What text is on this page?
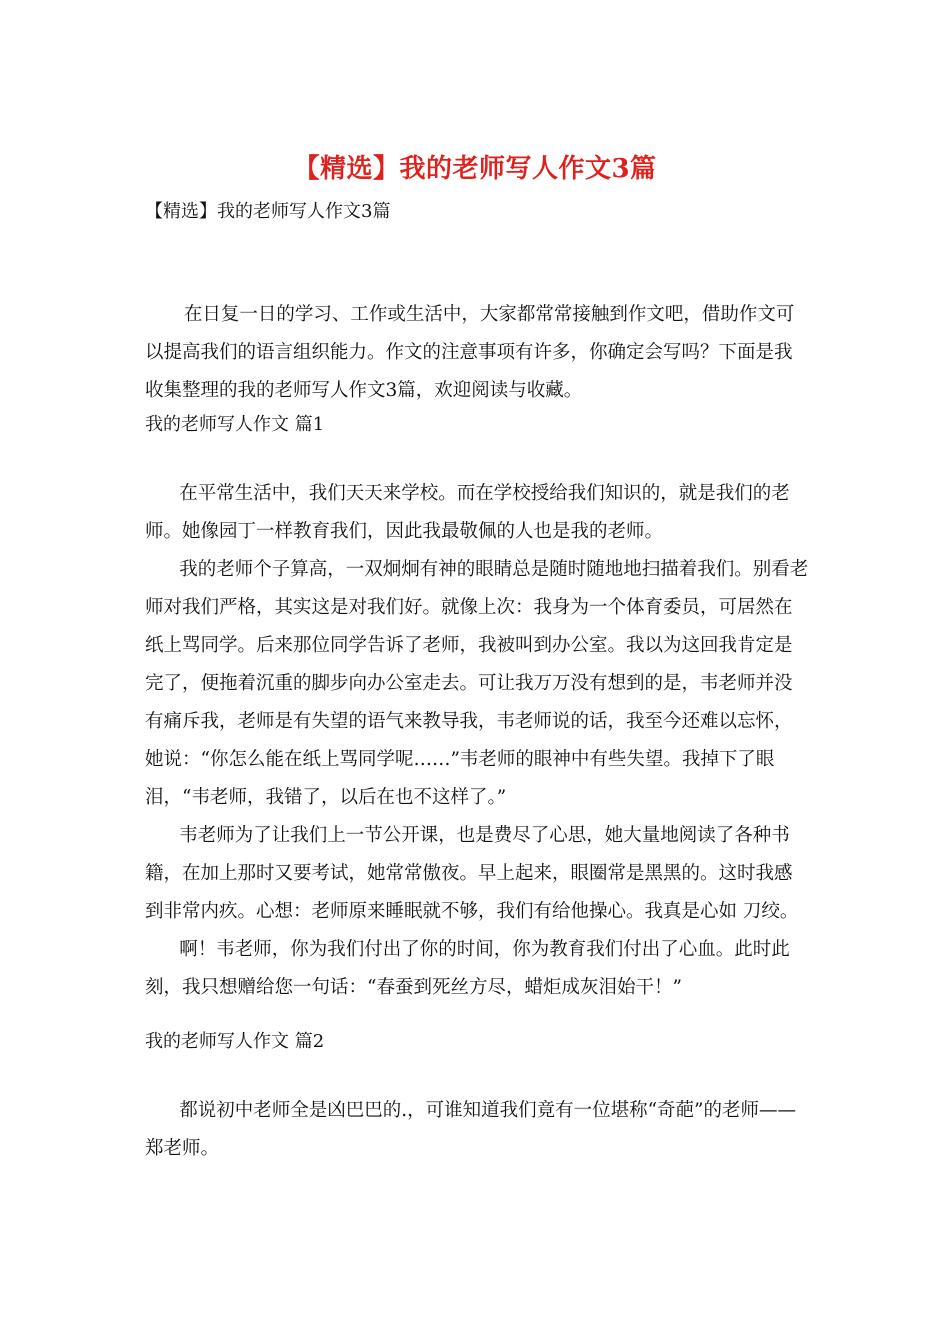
【精选】我的老师写人作文3篇
【精选】我的老师写人作文3篇

在日复一日的学习、工作或生活中，大家都常常接触到作文吧，借助作文可以提高我们的语言组织能力。作文的注意事项有许多，你确定会写吗？下面是我收集整理的我的老师写人作文3篇，欢迎阅读与收藏。

我的老师写人作文 篇1

在平常生活中，我们天天来学校。而在学校授给我们知识的，就是我们的老师。她像园丁一样教育我们，因此我最敬佩的人也是我的老师。

我的老师个子算高，一双炯炯有神的眼睛总是随时随地地扫描着我们。别看老师对我们严格，其实这是对我们好。就像上次：我身为一个体育委员，可居然在纸上骂同学。后来那位同学告诉了老师，我被叫到办公室。我以为这回我肯定是完了，便拖着沉重的脚步向办公室走去。可让我万万没有想到的是，韦老师并没有痛斥我，老师是有失望的语气来教导我，韦老师说的话，我至今还难以忘怀，她说：“你怎么能在纸上骂同学呢……”韦老师的眼神中有些失望。我掉下了眼泪，“韦老师，我错了，以后在也不这样了。”

韦老师为了让我们上一节公开课，也是费尽了心思，她大量地阅读了各种书籍，在加上那时又要考试，她常常傲夜。早上起来，眼圈常是黑黑的。这时我感到非常内疚。心想：老师原来睡眠就不够，我们有给他操心。我真是心如 刀绞。

啊！韦老师，你为我们付出了你的时间，你为教育我们付出了心血。此时此刻，我只想赠给您一句话：“春蚕到死丝方尽，蜡炬成灰泪始干！”

我的老师写人作文 篇2

都说初中老师全是凶巴巴的.，可谁知道我们竟有一位堪称“奇葩”的老师——郑老师。
